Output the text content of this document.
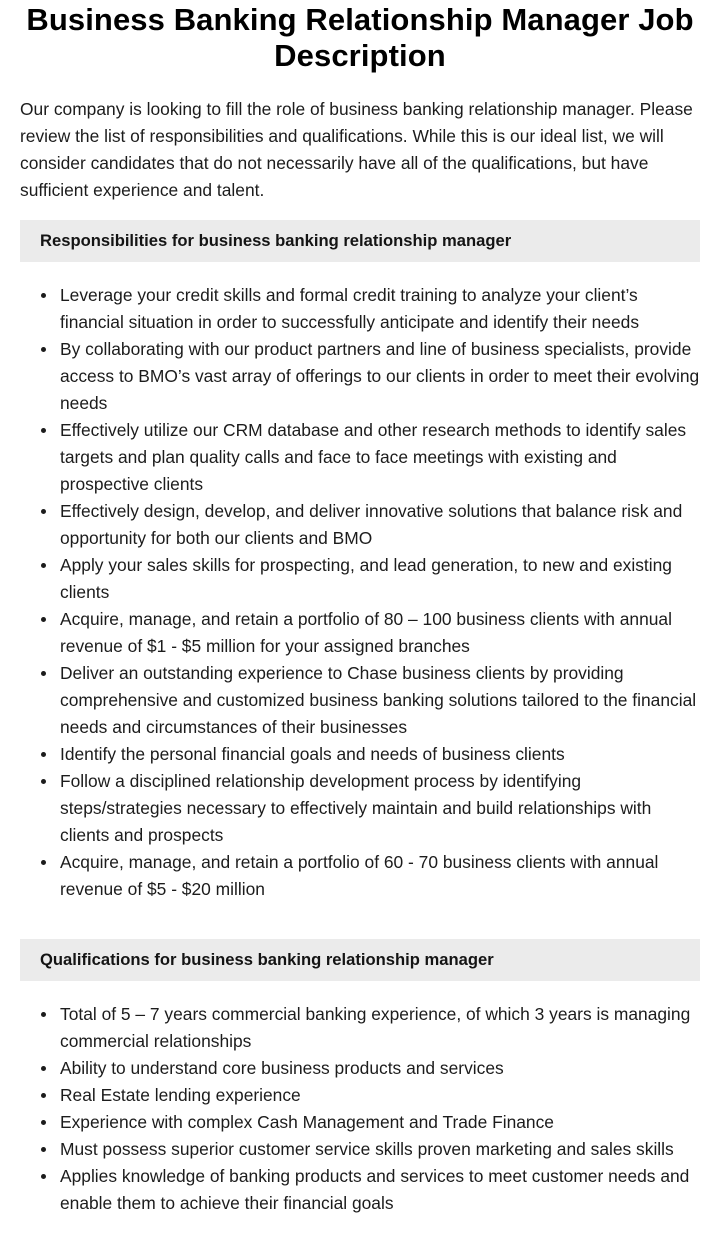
Business Banking Relationship Manager Job Description

Our company is looking to fill the role of business banking relationship manager. Please review the list of responsibilities and qualifications. While this is our ideal list, we will consider candidates that do not necessarily have all of the qualifications, but have sufficient experience and talent.

Responsibilities for business banking relationship manager
Leverage your credit skills and formal credit training to analyze your client’s financial situation in order to successfully anticipate and identify their needs
By collaborating with our product partners and line of business specialists, provide access to BMO’s vast array of offerings to our clients in order to meet their evolving needs
Effectively utilize our CRM database and other research methods to identify sales targets and plan quality calls and face to face meetings with existing and prospective clients
Effectively design, develop, and deliver innovative solutions that balance risk and opportunity for both our clients and BMO
Apply your sales skills for prospecting, and lead generation, to new and existing clients
Acquire, manage, and retain a portfolio of 80 – 100 business clients with annual revenue of $1 - $5 million for your assigned branches
Deliver an outstanding experience to Chase business clients by providing comprehensive and customized business banking solutions tailored to the financial needs and circumstances of their businesses
Identify the personal financial goals and needs of business clients
Follow a disciplined relationship development process by identifying steps/strategies necessary to effectively maintain and build relationships with clients and prospects
Acquire, manage, and retain a portfolio of 60 - 70 business clients with annual revenue of $5 - $20 million
Qualifications for business banking relationship manager
Total of 5 – 7 years commercial banking experience, of which 3 years is managing commercial relationships
Ability to understand core business products and services
Real Estate lending experience
Experience with complex Cash Management and Trade Finance
Must possess superior customer service skills proven marketing and sales skills
Applies knowledge of banking products and services to meet customer needs and enable them to achieve their financial goals
